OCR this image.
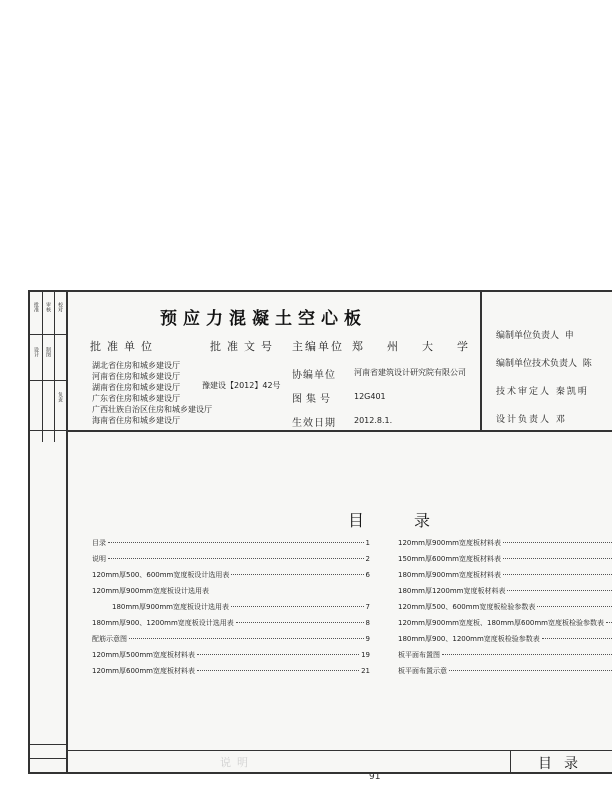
批准 审核 校对
设计 制图
负责
预应力混凝土空心板
批准单位	批准文号 主编单位 郑州大学
湖北省住房和城乡建设厅
河南省住房和城乡建设厅
湖南省住房和城乡建设厅
广东省住房和城乡建设厅
广西壮族自治区住房和城乡建设厅
海南省住房和城乡建设厅
豫建设【2012】42号
协编单位 河南省建筑设计研究院有限公司
图集号	12G401
生效日期 2012.8.1.
编制单位负责人 申
编制单位技术负责人 陈
技术审定人 秦凯明
设计负责人 邓
目	录
目录	1
说明	2
120mm厚500、600mm宽度板设计选用表	6
120mm厚900mm宽度板设计选用表
180mm厚900mm宽度板设计选用表	7
180mm厚900、1200mm宽度板设计选用表	8
配筋示意图	9
120mm厚500mm宽度板材料表	19
120mm厚600mm宽度板材料表	21
120mm厚900mm宽度板材料表
150mm厚600mm宽度板材料表
180mm厚900mm宽度板材料表
180mm厚1200mm宽度板材料表
120mm厚500、600mm宽度板检验参数表
120mm厚900mm宽度板、180mm厚600mm宽度板检验参数表
180mm厚900、1200mm宽度板检验参数表
板平面布置图
板平面布置示意
说明	目录
91
